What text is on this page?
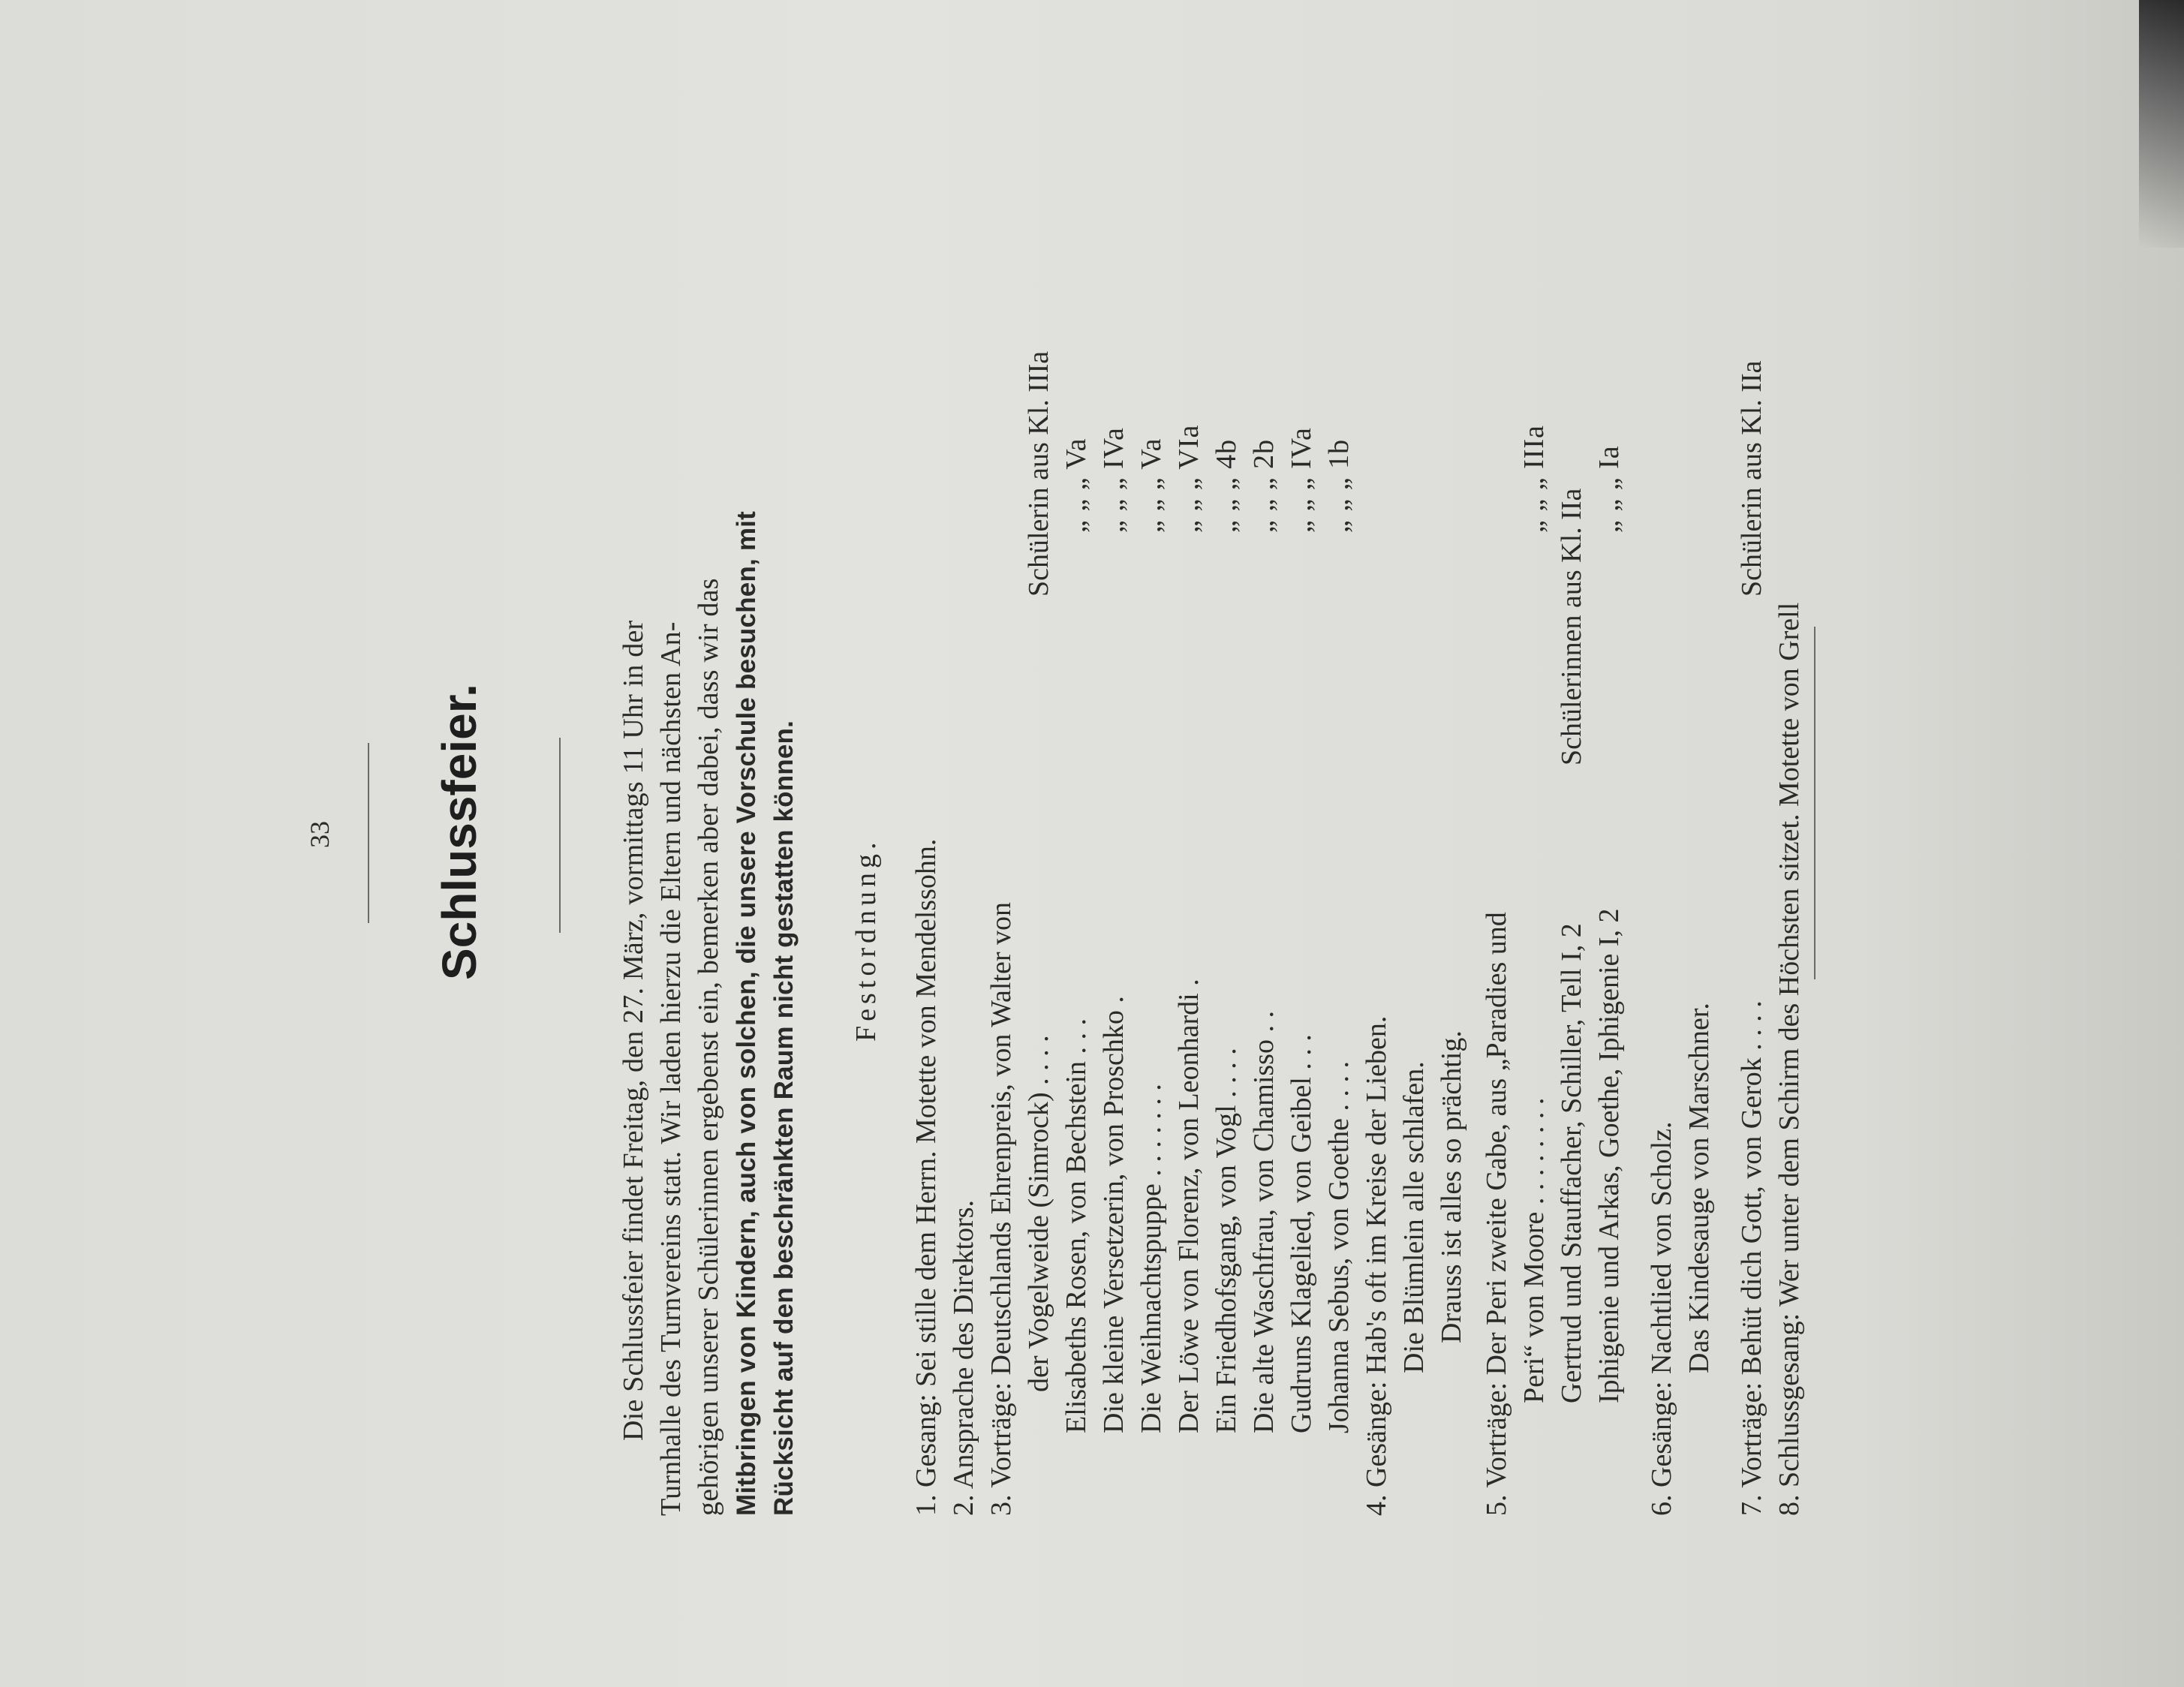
33 Schlussfeier.	Die Schlussfeier findet Freitag, den 27. März, vormittags 11 Uhr in der Turnhalle des Turnvereins statt. Wir laden hierzu die Eltern und nächsten An- gehörigen unserer Schülerinnen ergebenst ein, bemerken aber dabei, dass wir das Mitbringen von Kindern, auch von solchen, die unsere Vorschule besuchen, mit Rücksicht auf den beschränkten Raum nicht gestatten können. Festordnung. 1. Gesang: Sei stille dem Herrn. Motette von Mendelssohn. 2. Ansprache des Direktors. 3. Vorträge: Deutschlands Ehrenpreis, von Walter von der Vogelweide (Simrock) . . . .
Schülerin aus Kl. IIIa
Elisabeths Rosen, von Bechstein . . .
„ „ „ Va
Die kleine Versetzerin, von Proschko .
„ „ „ IVa
Die Weihnachtspuppe . . . . . . .
„ „ „ Va
Der Löwe von Florenz, von Leonhardi .
„ „ „ VIa
Ein Friedhofsgang, von Vogl . . . .
„ „ „ 4b
Die alte Waschfrau, von Chamisso . .
„ „ „ 2b
Gudruns Klagelied, von Geibel . . .
„ „ „ IVa
Johanna Sebus, von Goethe . . . .
„ „ „ 1b
4. Gesänge: Hab's oft im Kreise der Lieben. Die Blümlein alle schlafen. Drauss ist alles so prächtig. 5. Vorträge: Der Peri zweite Gabe, aus „Paradies und Peri“ von Moore . . . . . . . .
„ „ „ IIIa
Gertrud und Stauffacher, Schiller, Tell I, 2
Schülerinnen aus Kl. IIa
Iphigenie und Arkas, Goethe, Iphigenie I, 2
„ „ „ Ia
6. Gesänge: Nachtlied von Scholz. Das Kindesauge von Marschner. 7. Vorträge: Behüt dich Gott, von Gerok . . . .
Schülerin aus Kl. IIa
8. Schlussgesang: Wer unter dem Schirm des Höchsten sitzet. Motette von Grell
